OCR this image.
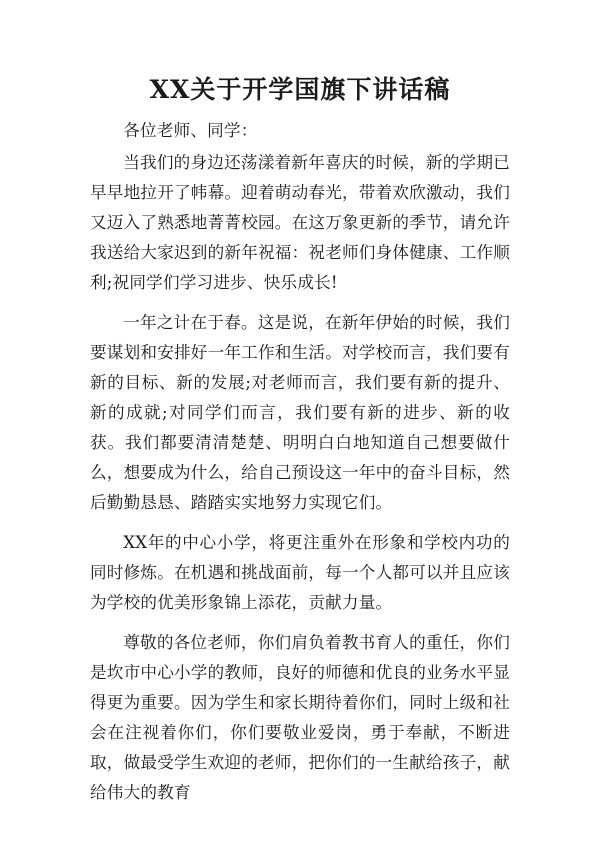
XX关于开学国旗下讲话稿

各位老师、同学：

当我们的身边还荡漾着新年喜庆的时候，新的学期已早早地拉开了帏幕。迎着萌动春光，带着欢欣激动，我们又迈入了熟悉地菁菁校园。在这万象更新的季节，请允许我送给大家迟到的新年祝福：祝老师们身体健康、工作顺利;祝同学们学习进步、快乐成长!

一年之计在于春。这是说，在新年伊始的时候，我们要谋划和安排好一年工作和生活。对学校而言，我们要有新的目标、新的发展;对老师而言，我们要有新的提升、新的成就;对同学们而言，我们要有新的进步、新的收获。我们都要清清楚楚、明明白白地知道自己想要做什么，想要成为什么，给自己预设这一年中的奋斗目标，然后勤勤恳恳、踏踏实实地努力实现它们。

XX年的中心小学，将更注重外在形象和学校内功的同时修炼。在机遇和挑战面前，每一个人都可以并且应该为学校的优美形象锦上添花，贡献力量。

尊敬的各位老师，你们肩负着教书育人的重任，你们是坎市中心小学的教师，良好的师德和优良的业务水平显得更为重要。因为学生和家长期待着你们，同时上级和社会在注视着你们，你们要敬业爱岗，勇于奉献，不断进取，做最受学生欢迎的老师，把你们的一生献给孩子，献给伟大的教育
